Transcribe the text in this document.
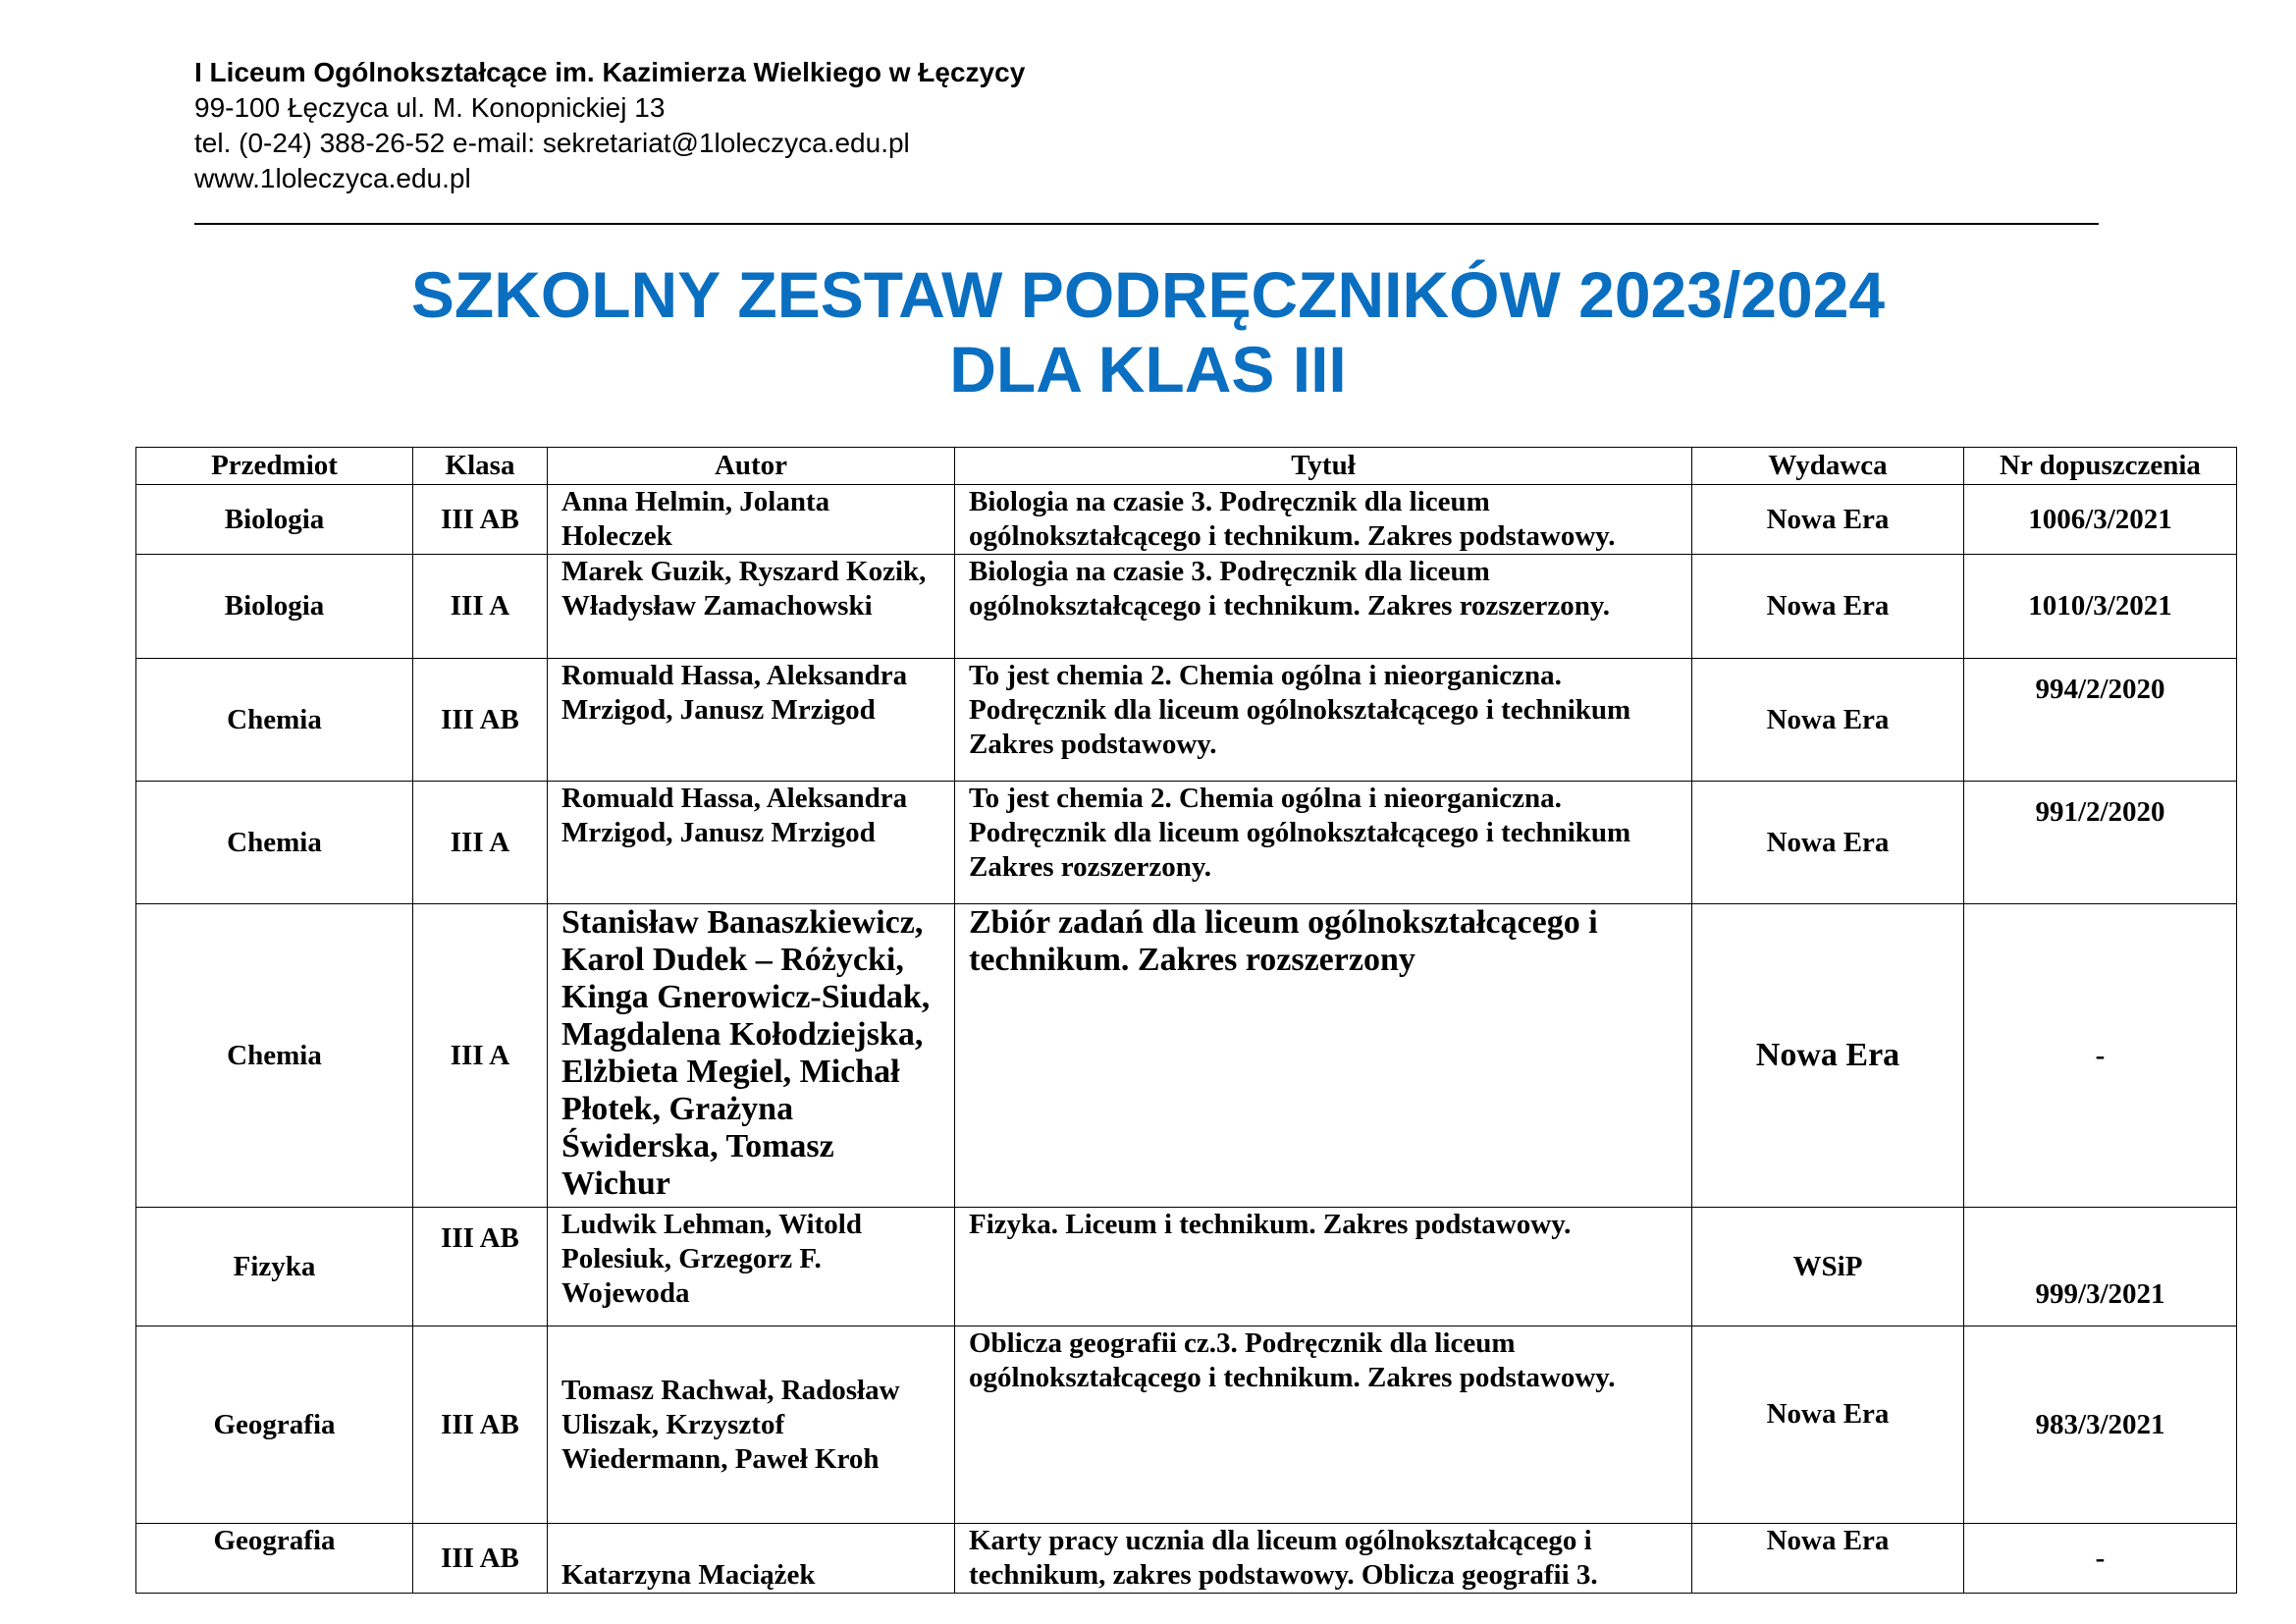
I Liceum Ogólnokształcące im. Kazimierza Wielkiego w Łęczycy
99-100 Łęczyca ul. M. Konopnickiej 13
tel. (0-24) 388-26-52 e-mail: sekretariat@1loleczyca.edu.pl
www.1loleczyca.edu.pl
SZKOLNY ZESTAW PODRĘCZNIKÓW 2023/2024
DLA KLAS III
Przedmiot	Klasa	Autor	Tytuł	Wydawca	Nr dopuszczenia
Biologia	III AB	Anna Helmin, Jolanta Holeczek	Biologia na czasie 3. Podręcznik dla liceum ogólnokształcącego i technikum. Zakres podstawowy.	Nowa Era	1006/3/2021
Biologia	III A	Marek Guzik, Ryszard Kozik, Władysław Zamachowski	Biologia na czasie 3. Podręcznik dla liceum ogólnokształcącego i technikum. Zakres rozszerzony.	Nowa Era	1010/3/2021
Chemia	III AB	Romuald Hassa, Aleksandra Mrzigod, Janusz Mrzigod	To jest chemia 2. Chemia ogólna i nieorganiczna. Podręcznik dla liceum ogólnokształcącego i technikum Zakres podstawowy.	Nowa Era	994/2/2020
Chemia	III A	Romuald Hassa, Aleksandra Mrzigod, Janusz Mrzigod	To jest chemia 2. Chemia ogólna i nieorganiczna. Podręcznik dla liceum ogólnokształcącego i technikum Zakres rozszerzony.	Nowa Era	991/2/2020
Chemia	III A	Stanisław Banaszkiewicz, Karol Dudek – Różycki, Kinga Gnerowicz-Siudak, Magdalena Kołodziejska, Elżbieta Megiel, Michał Płotek, Grażyna Świderska, Tomasz Wichur	Zbiór zadań dla liceum ogólnokształcącego i technikum. Zakres rozszerzony	Nowa Era	-
Fizyka	III AB	Ludwik Lehman, Witold Polesiuk, Grzegorz F. Wojewoda	Fizyka. Liceum i technikum. Zakres podstawowy.	WSiP	999/3/2021
Geografia	III AB	Tomasz Rachwał, Radosław Uliszak, Krzysztof Wiedermann, Paweł Kroh	Oblicza geografii cz.3. Podręcznik dla liceum ogólnokształcącego i technikum. Zakres podstawowy.	Nowa Era	983/3/2021
Geografia	III AB	Katarzyna Maciążek	Karty pracy ucznia dla liceum ogólnokształcącego i technikum, zakres podstawowy. Oblicza geografii 3.	Nowa Era	-
